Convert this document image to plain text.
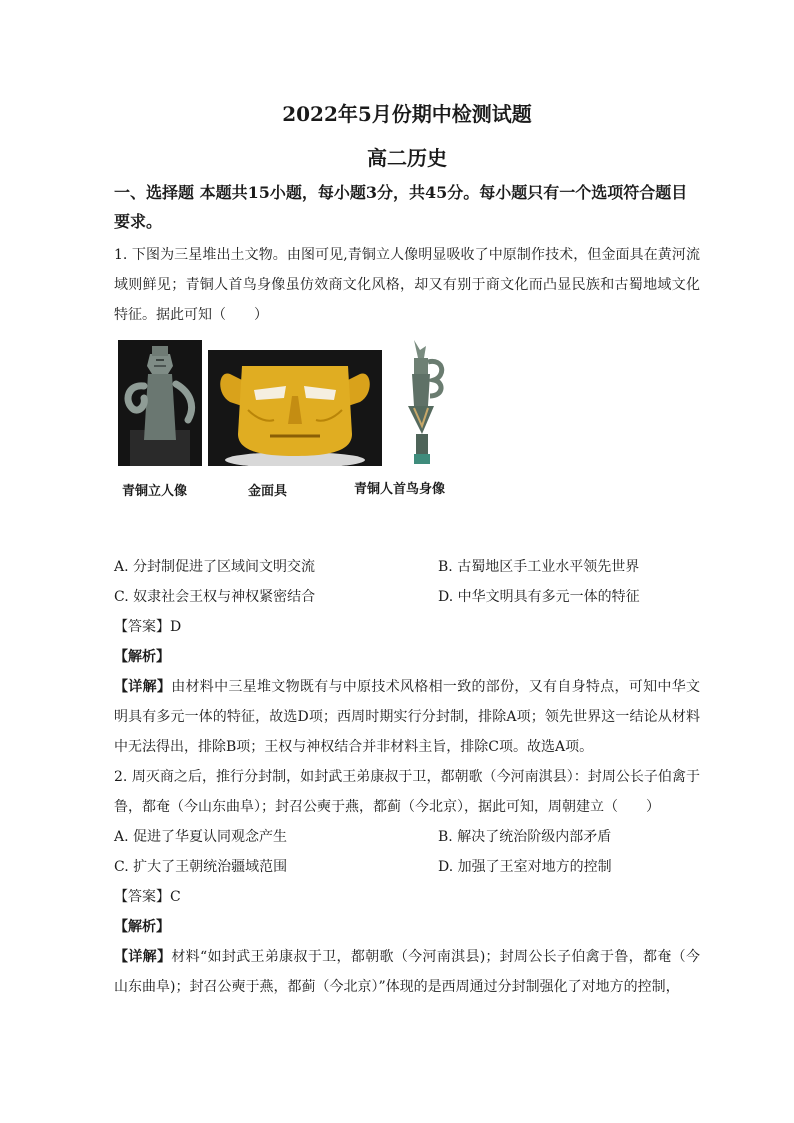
2022年5月份期中检测试题
高二历史
一、选择题 本题共15小题，每小题3分，共45分。每小题只有一个选项符合题目要求。

1. 下图为三星堆出土文物。由图可见,青铜立人像明显吸收了中原制作技术，但金面具在黄河流域则鲜见；青铜人首鸟身像虽仿效商文化风格，却又有别于商文化而凸显民族和古蜀地域文化特征。据此可知（　　）

青铜立人像	金面具	青铜人首鸟身像
A. 分封制促进了区域间文明交流	B. 古蜀地区手工业水平领先世界
C. 奴隶社会王权与神权紧密结合	D. 中华文明具有多元一体的特征

【答案】D

【解析】

【详解】由材料中三星堆文物既有与中原技术风格相一致的部份，又有自身特点，可知中华文明具有多元一体的特征，故选D项；西周时期实行分封制，排除A项；领先世界这一结论从材料中无法得出，排除B项；王权与神权结合并非材料主旨，排除C项。故选A项。

2. 周灭商之后，推行分封制，如封武王弟康叔于卫，都朝歌（今河南淇县）：封周公长子伯禽于鲁，都奄（今山东曲阜）；封召公奭于燕，都蓟（今北京），据此可知，周朝建立（　　）

A. 促进了华夏认同观念产生	B. 解决了统治阶级内部矛盾
C. 扩大了王朝统治疆域范围	D. 加强了王室对地方的控制

【答案】C

【解析】

【详解】材料“如封武王弟康叔于卫，都朝歌（今河南淇县)；封周公长子伯禽于鲁，都奄（今山东曲阜)；封召公奭于燕，都蓟（今北京）”体现的是西周通过分封制强化了对地方的控制，
